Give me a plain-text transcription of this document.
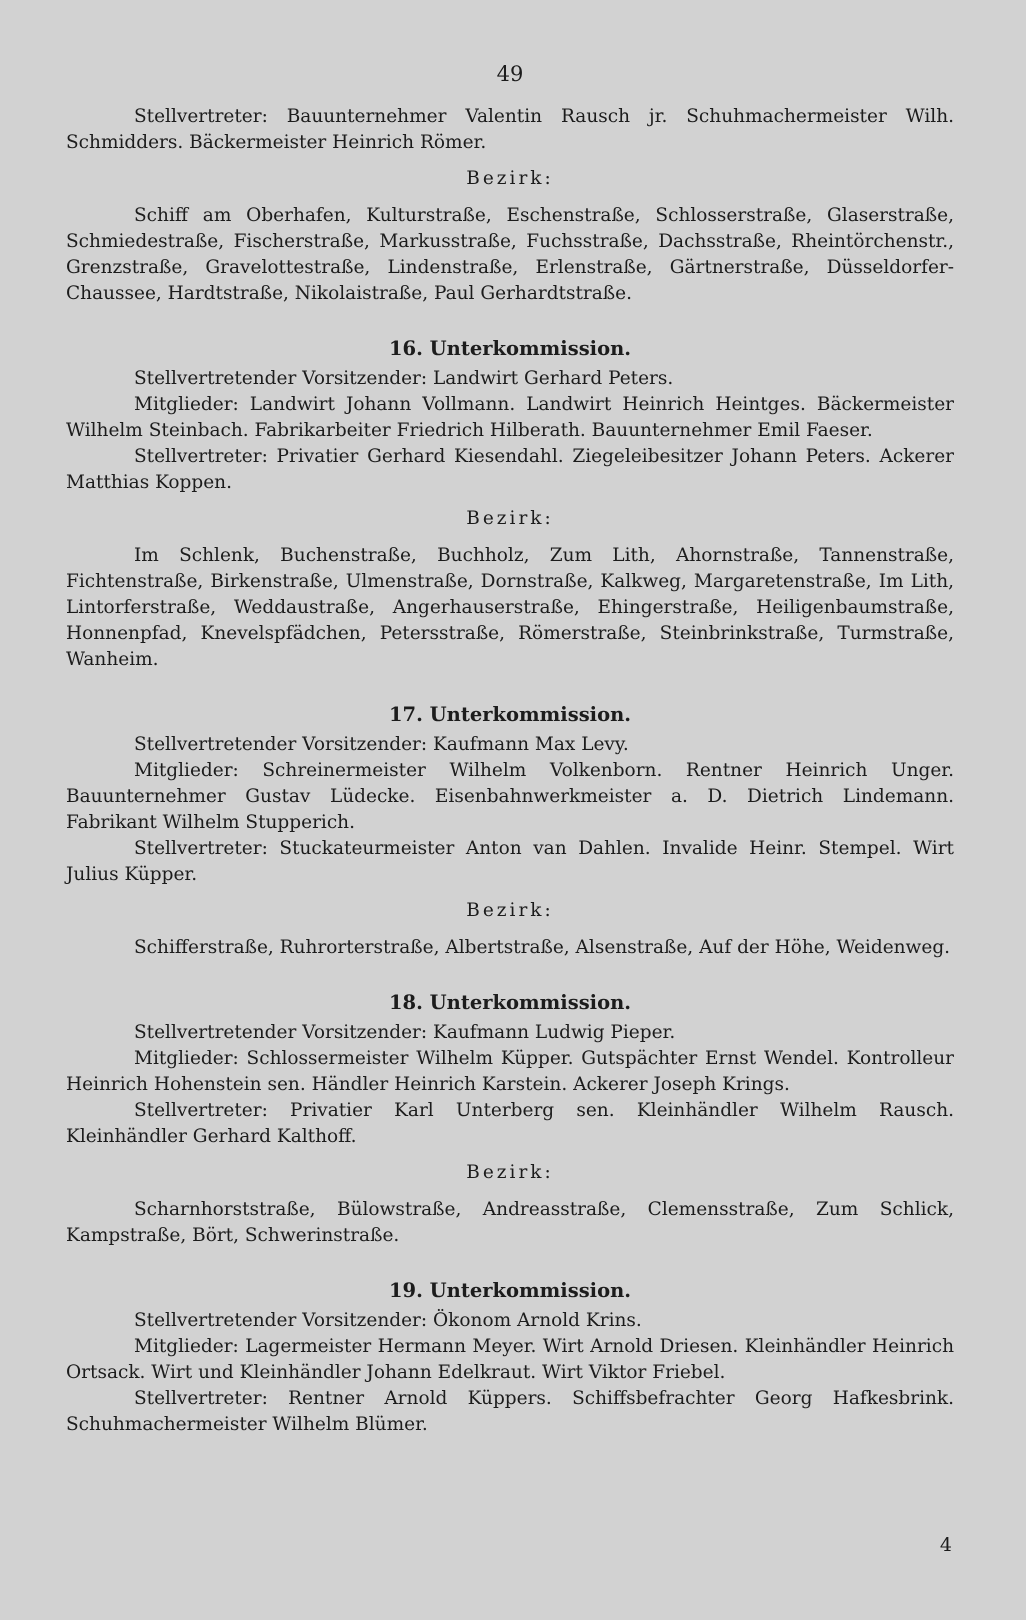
49

Stellvertreter: Bauunternehmer Valentin Rausch jr. Schuhmachermeister Wilh. Schmidders. Bäckermeister Heinrich Römer.

Bezirk:

Schiff am Oberhafen, Kulturstraße, Eschenstraße, Schlosserstraße, Glaserstraße, Schmiedestraße, Fischerstraße, Markusstraße, Fuchsstraße, Dachsstraße, Rheintörchenstr., Grenzstraße, Gravelottestraße, Lindenstraße, Erlenstraße, Gärtnerstraße, Düsseldorfer-Chaussee, Hardtstraße, Nikolaistraße, Paul Gerhardtstraße.

16. Unterkommission.

Stellvertretender Vorsitzender: Landwirt Gerhard Peters.

Mitglieder: Landwirt Johann Vollmann. Landwirt Heinrich Heintges. Bäckermeister Wilhelm Steinbach. Fabrikarbeiter Friedrich Hilberath. Bauunternehmer Emil Faeser.

Stellvertreter: Privatier Gerhard Kiesendahl. Ziegeleibesitzer Johann Peters. Ackerer Matthias Koppen.

Bezirk:

Im Schlenk, Buchenstraße, Buchholz, Zum Lith, Ahornstraße, Tannenstraße, Fichtenstraße, Birkenstraße, Ulmenstraße, Dornstraße, Kalkweg, Margaretenstraße, Im Lith, Lintorferstraße, Weddaustraße, Angerhauserstraße, Ehingerstraße, Heiligenbaumstraße, Honnenpfad, Knevelspfädchen, Petersstraße, Römerstraße, Steinbrinkstraße, Turmstraße, Wanheim.

17. Unterkommission.

Stellvertretender Vorsitzender: Kaufmann Max Levy.

Mitglieder: Schreinermeister Wilhelm Volkenborn. Rentner Heinrich Unger. Bauunternehmer Gustav Lüdecke. Eisenbahnwerkmeister a. D. Dietrich Lindemann. Fabrikant Wilhelm Stupperich.

Stellvertreter: Stuckateurmeister Anton van Dahlen. Invalide Heinr. Stempel. Wirt Julius Küpper.

Bezirk:

Schifferstraße, Ruhrorterstraße, Albertstraße, Alsenstraße, Auf der Höhe, Weidenweg.

18. Unterkommission.

Stellvertretender Vorsitzender: Kaufmann Ludwig Pieper.

Mitglieder: Schlossermeister Wilhelm Küpper. Gutspächter Ernst Wendel. Kontrolleur Heinrich Hohenstein sen. Händler Heinrich Karstein. Ackerer Joseph Krings.

Stellvertreter: Privatier Karl Unterberg sen. Kleinhändler Wilhelm Rausch. Kleinhändler Gerhard Kalthoff.

Bezirk:

Scharnhorststraße, Bülowstraße, Andreasstraße, Clemensstraße, Zum Schlick, Kampstraße, Bört, Schwerinstraße.

19. Unterkommission.

Stellvertretender Vorsitzender: Ökonom Arnold Krins.

Mitglieder: Lagermeister Hermann Meyer. Wirt Arnold Driesen. Kleinhändler Heinrich Ortsack. Wirt und Kleinhändler Johann Edelkraut. Wirt Viktor Friebel.

Stellvertreter: Rentner Arnold Küppers. Schiffsbefrachter Georg Hafkesbrink. Schuhmachermeister Wilhelm Blümer.

4
